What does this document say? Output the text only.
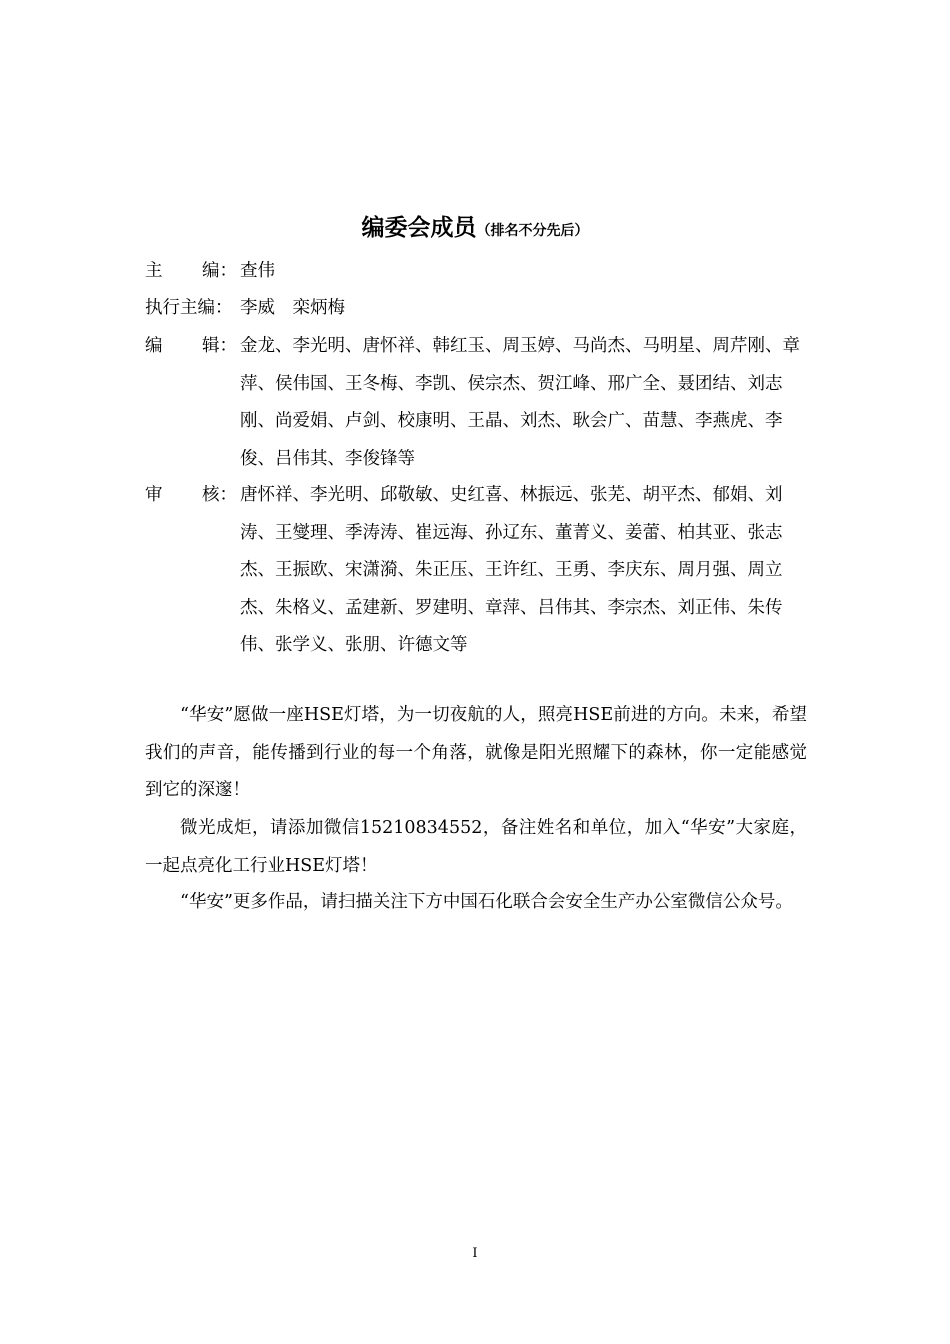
编委会成员（排名不分先后）
主	编： 查伟
执行主编： 李威　栾炳梅
编	辑： 金龙、李光明、唐怀祥、韩红玉、周玉婷、马尚杰、马明星、周芹刚、章萍、侯伟国、王冬梅、李凯、侯宗杰、贺江峰、邢广全、聂团结、刘志刚、尚爱娟、卢剑、校康明、王晶、刘杰、耿会广、苗慧、李燕虎、李俊、吕伟其、李俊锋等
审	核： 唐怀祥、李光明、邱敬敏、史红喜、林振远、张芜、胡平杰、郁娟、刘涛、王燮理、季涛涛、崔远海、孙辽东、董菁义、姜蕾、柏其亚、张志杰、王振欧、宋潇漪、朱正压、王许红、王勇、李庆东、周月强、周立杰、朱格义、孟建新、罗建明、章萍、吕伟其、李宗杰、刘正伟、朱传伟、张学义、张朋、许德文等

“华安”愿做一座HSE灯塔，为一切夜航的人，照亮HSE前进的方向。未来，希望我们的声音，能传播到行业的每一个角落，就像是阳光照耀下的森林，你一定能感觉到它的深邃！

微光成炬，请添加微信15210834552，备注姓名和单位，加入“华安”大家庭，一起点亮化工行业HSE灯塔！

“华安”更多作品，请扫描关注下方中国石化联合会安全生产办公室微信公众号。

I
